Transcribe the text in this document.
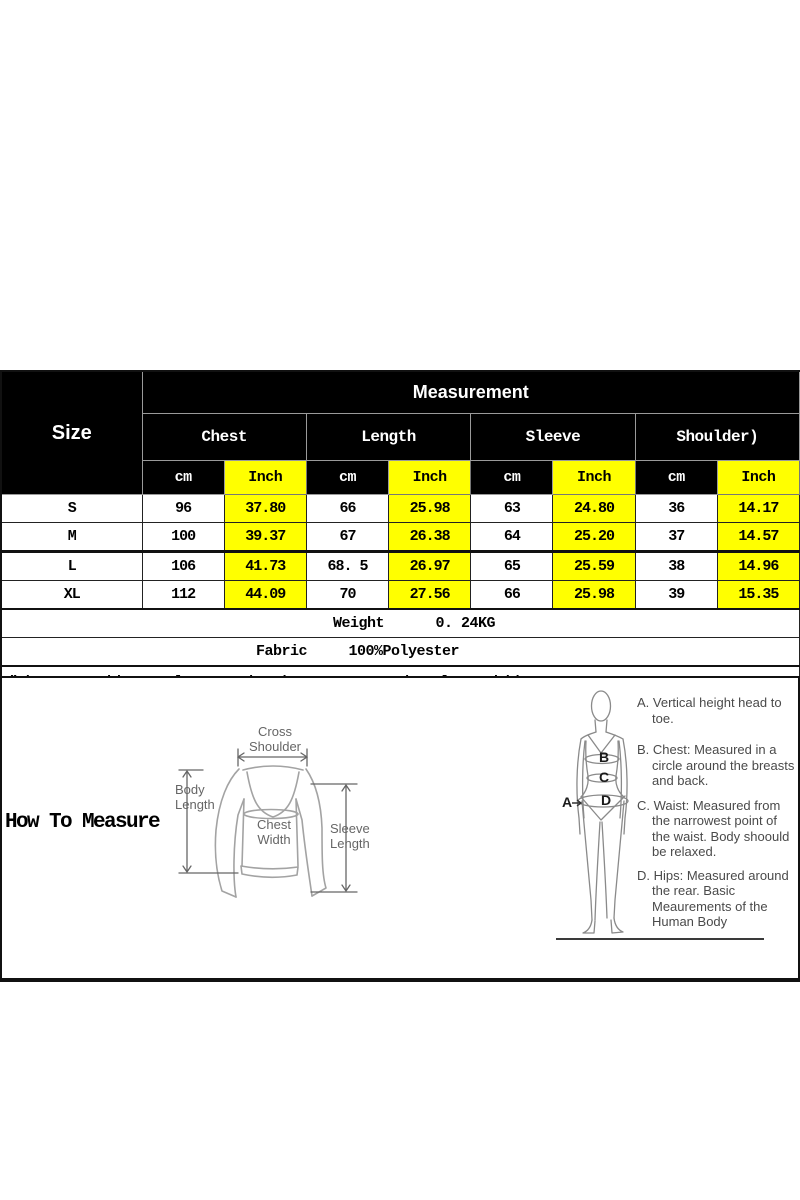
Size	Measurement							
	Chest		Length		Sleeve		Shoulder)	
	cm	Inch	cm	Inch	cm	Inch	cm	Inch
S	96	37.80	66	25.98	63	24.80	36	14.17
M	100	39.37	67	26.38	64	25.20	37	14.57
L	106	41.73	68. 5	26.97	65	25.59	38	14.96
XL	112	44.09	70	27.56	66	25.98	39	15.35
Weight 0. 24KG								
Fabric 100%Polyester								

How To Measure
Cross Shoulder
Body Length
Chest Width
Sleeve Length
A
B
C
D
A. Vertical height head to toe.
B. Chest: Measured in a circle around the breasts and back.
C. Waist: Measured from the narrowest point of the waist. Body shoould be relaxed.
D. Hips: Measured around the rear. Basic Meaurements of the Human Body
